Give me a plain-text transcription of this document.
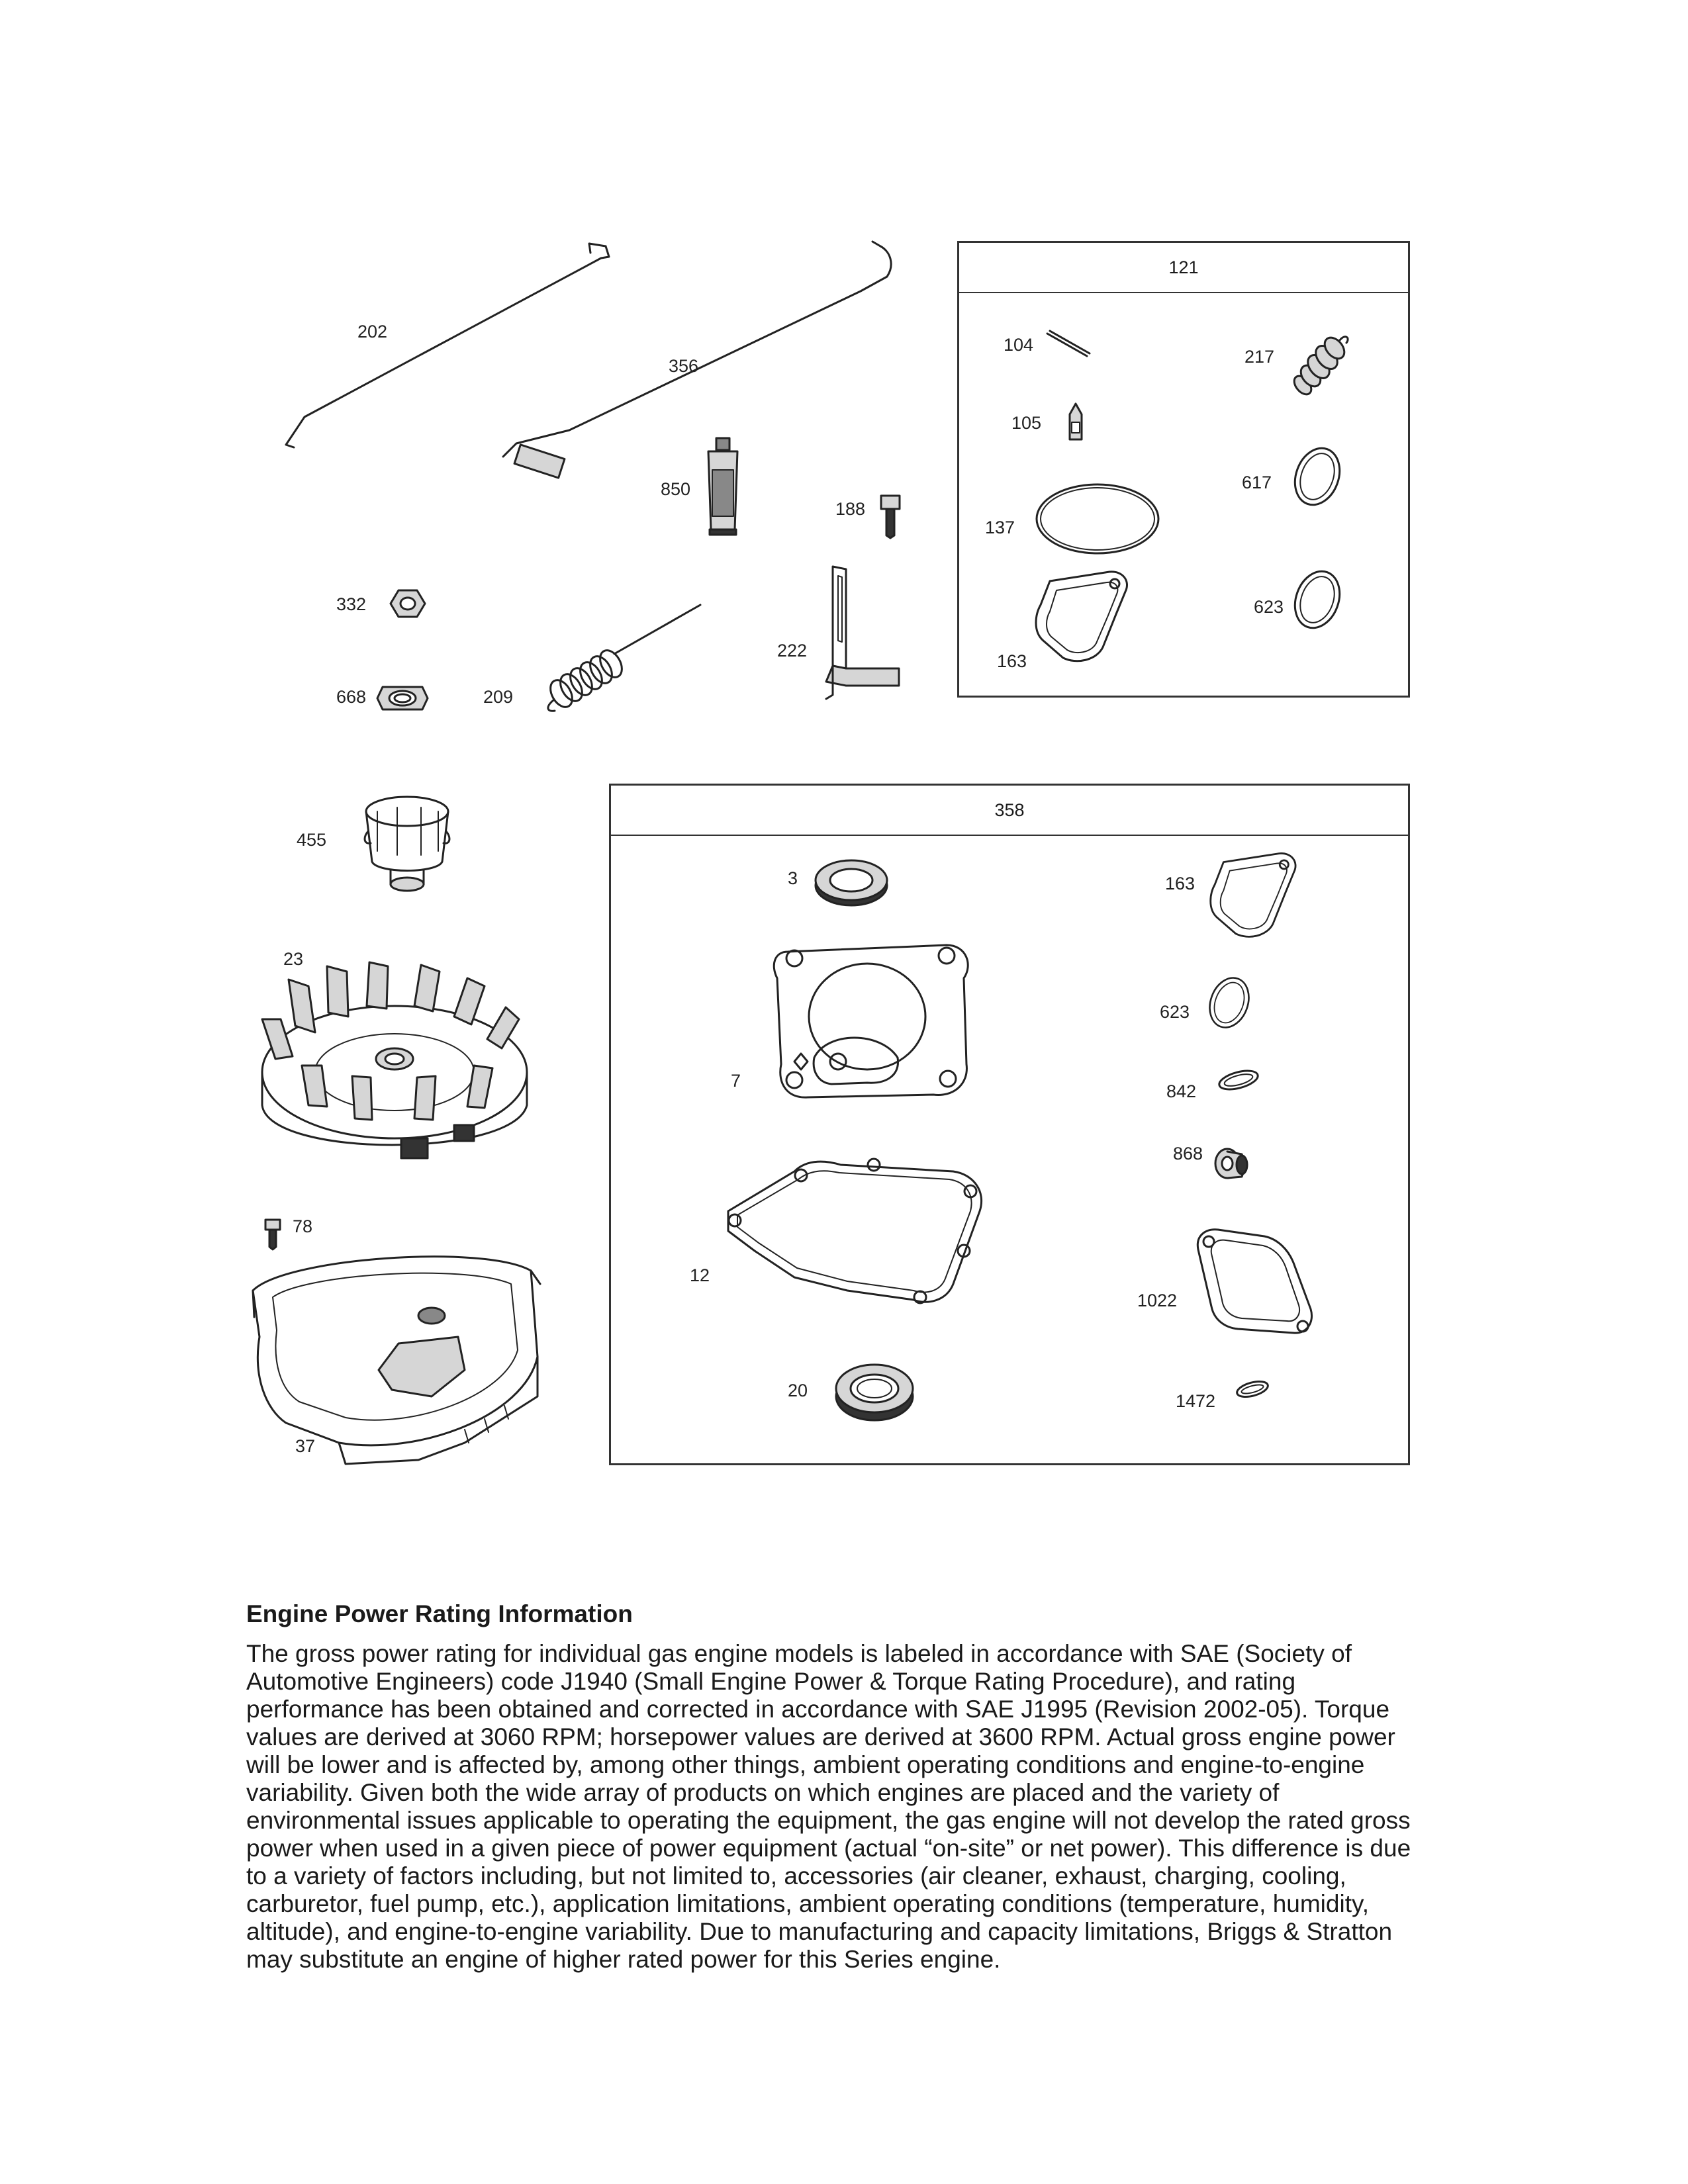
202
356
850
188
332
209
222
668
121
104
105
137
163
217
617
623
455
23
78
37
358
3
7
12
20
163
623
842
868
1022
1472
Engine Power Rating Information

The gross power rating for individual gas engine models is labeled in accordance with SAE (Society of Automotive Engineers) code J1940 (Small Engine Power & Torque Rating Procedure), and rating performance has been obtained and corrected in accordance with SAE J1995 (Revision 2002-05). Torque values are derived at 3060 RPM; horsepower values are derived at 3600 RPM. Actual gross engine power will be lower and is affected by, among other things, ambient operating conditions and engine-to-engine variability. Given both the wide array of products on which engines are placed and the variety of environmental issues applicable to operating the equipment, the gas engine will not develop the rated gross power when used in a given piece of power equipment (actual “on-site” or net power). This difference is due to a variety of factors including, but not limited to, accessories (air cleaner, exhaust, charging, cooling, carburetor, fuel pump, etc.), application limitations, ambient operating conditions (temperature, humidity, altitude), and engine-to-engine variability. Due to manufacturing and capacity limitations, Briggs & Stratton may substitute an engine of higher rated power for this Series engine.
